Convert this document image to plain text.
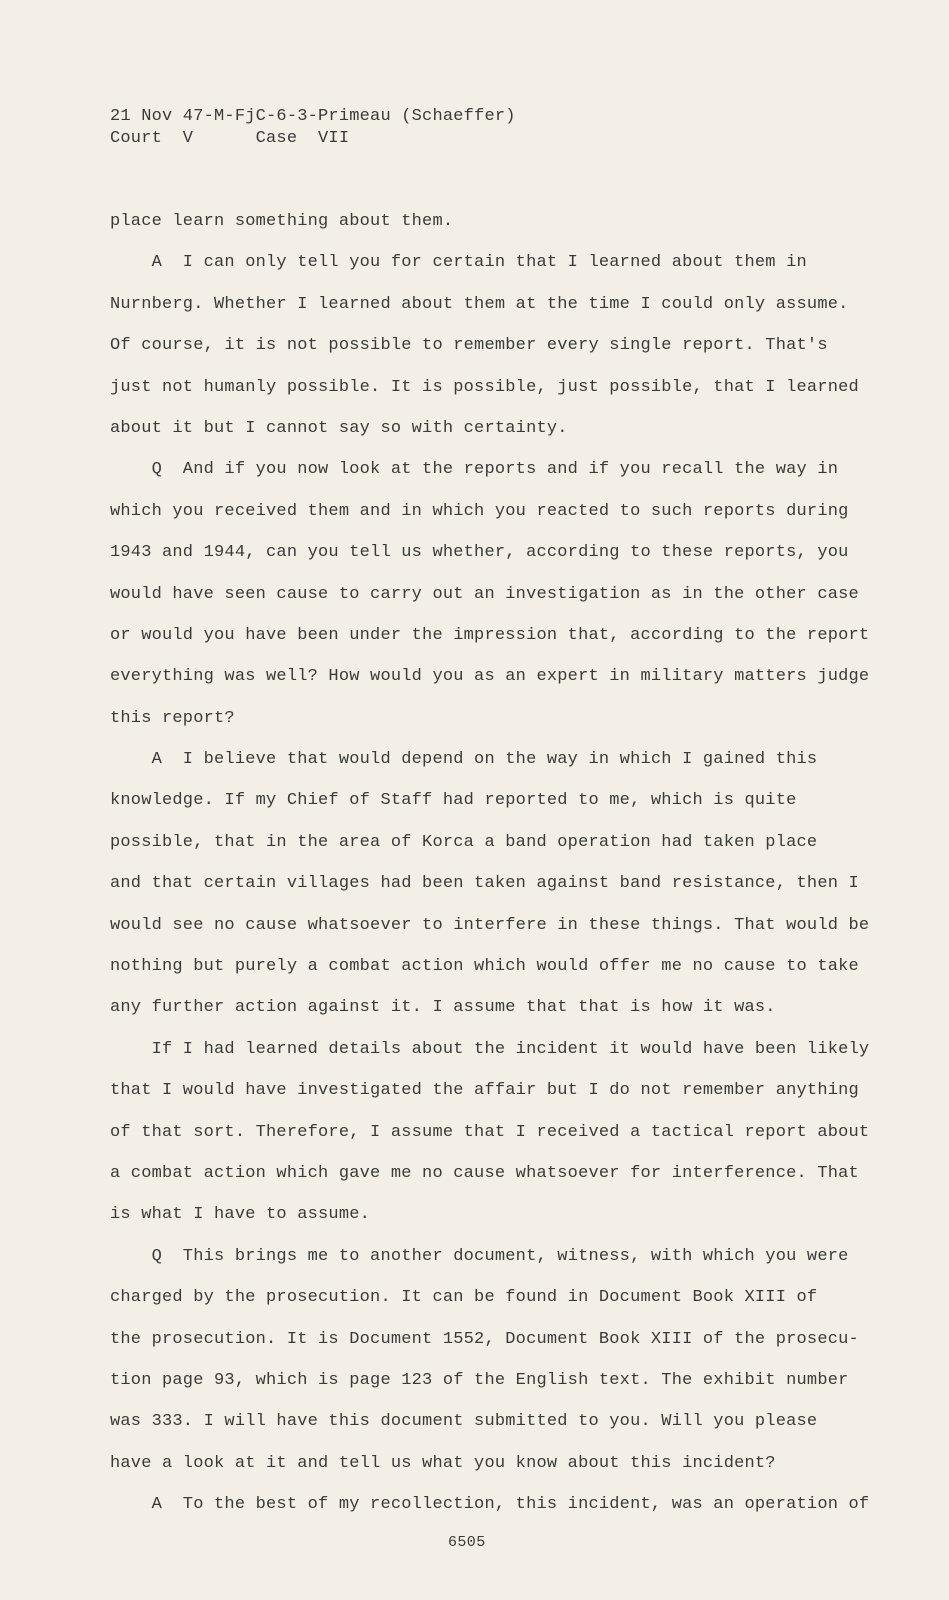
21 Nov 47-M-FjC-6-3-Primeau (Schaeffer)
Court  V      Case  VII
place learn something about them.
A  I can only tell you for certain that I learned about them in
Nurnberg. Whether I learned about them at the time I could only assume.
Of course, it is not possible to remember every single report. That's
just not humanly possible. It is possible, just possible, that I learned
about it but I cannot say so with certainty.
Q  And if you now look at the reports and if you recall the way in
which you received them and in which you reacted to such reports during
1943 and 1944, can you tell us whether, according to these reports, you
would have seen cause to carry out an investigation as in the other case
or would you have been under the impression that, according to the report
everything was well? How would you as an expert in military matters judge
this report?
A  I believe that would depend on the way in which I gained this
knowledge. If my Chief of Staff had reported to me, which is quite
possible, that in the area of Korca a band operation had taken place
and that certain villages had been taken against band resistance, then I
would see no cause whatsoever to interfere in these things. That would be
nothing but purely a combat action which would offer me no cause to take
any further action against it. I assume that that is how it was.
If I had learned details about the incident it would have been likely
that I would have investigated the affair but I do not remember anything
of that sort. Therefore, I assume that I received a tactical report about
a combat action which gave me no cause whatsoever for interference. That
is what I have to assume.
Q  This brings me to another document, witness, with which you were
charged by the prosecution. It can be found in Document Book XIII of
the prosecution. It is Document 1552, Document Book XIII of the prosecu-
tion page 93, which is page 123 of the English text. The exhibit number
was 333. I will have this document submitted to you. Will you please
have a look at it and tell us what you know about this incident?
A  To the best of my recollection, this incident, was an operation of
6505
